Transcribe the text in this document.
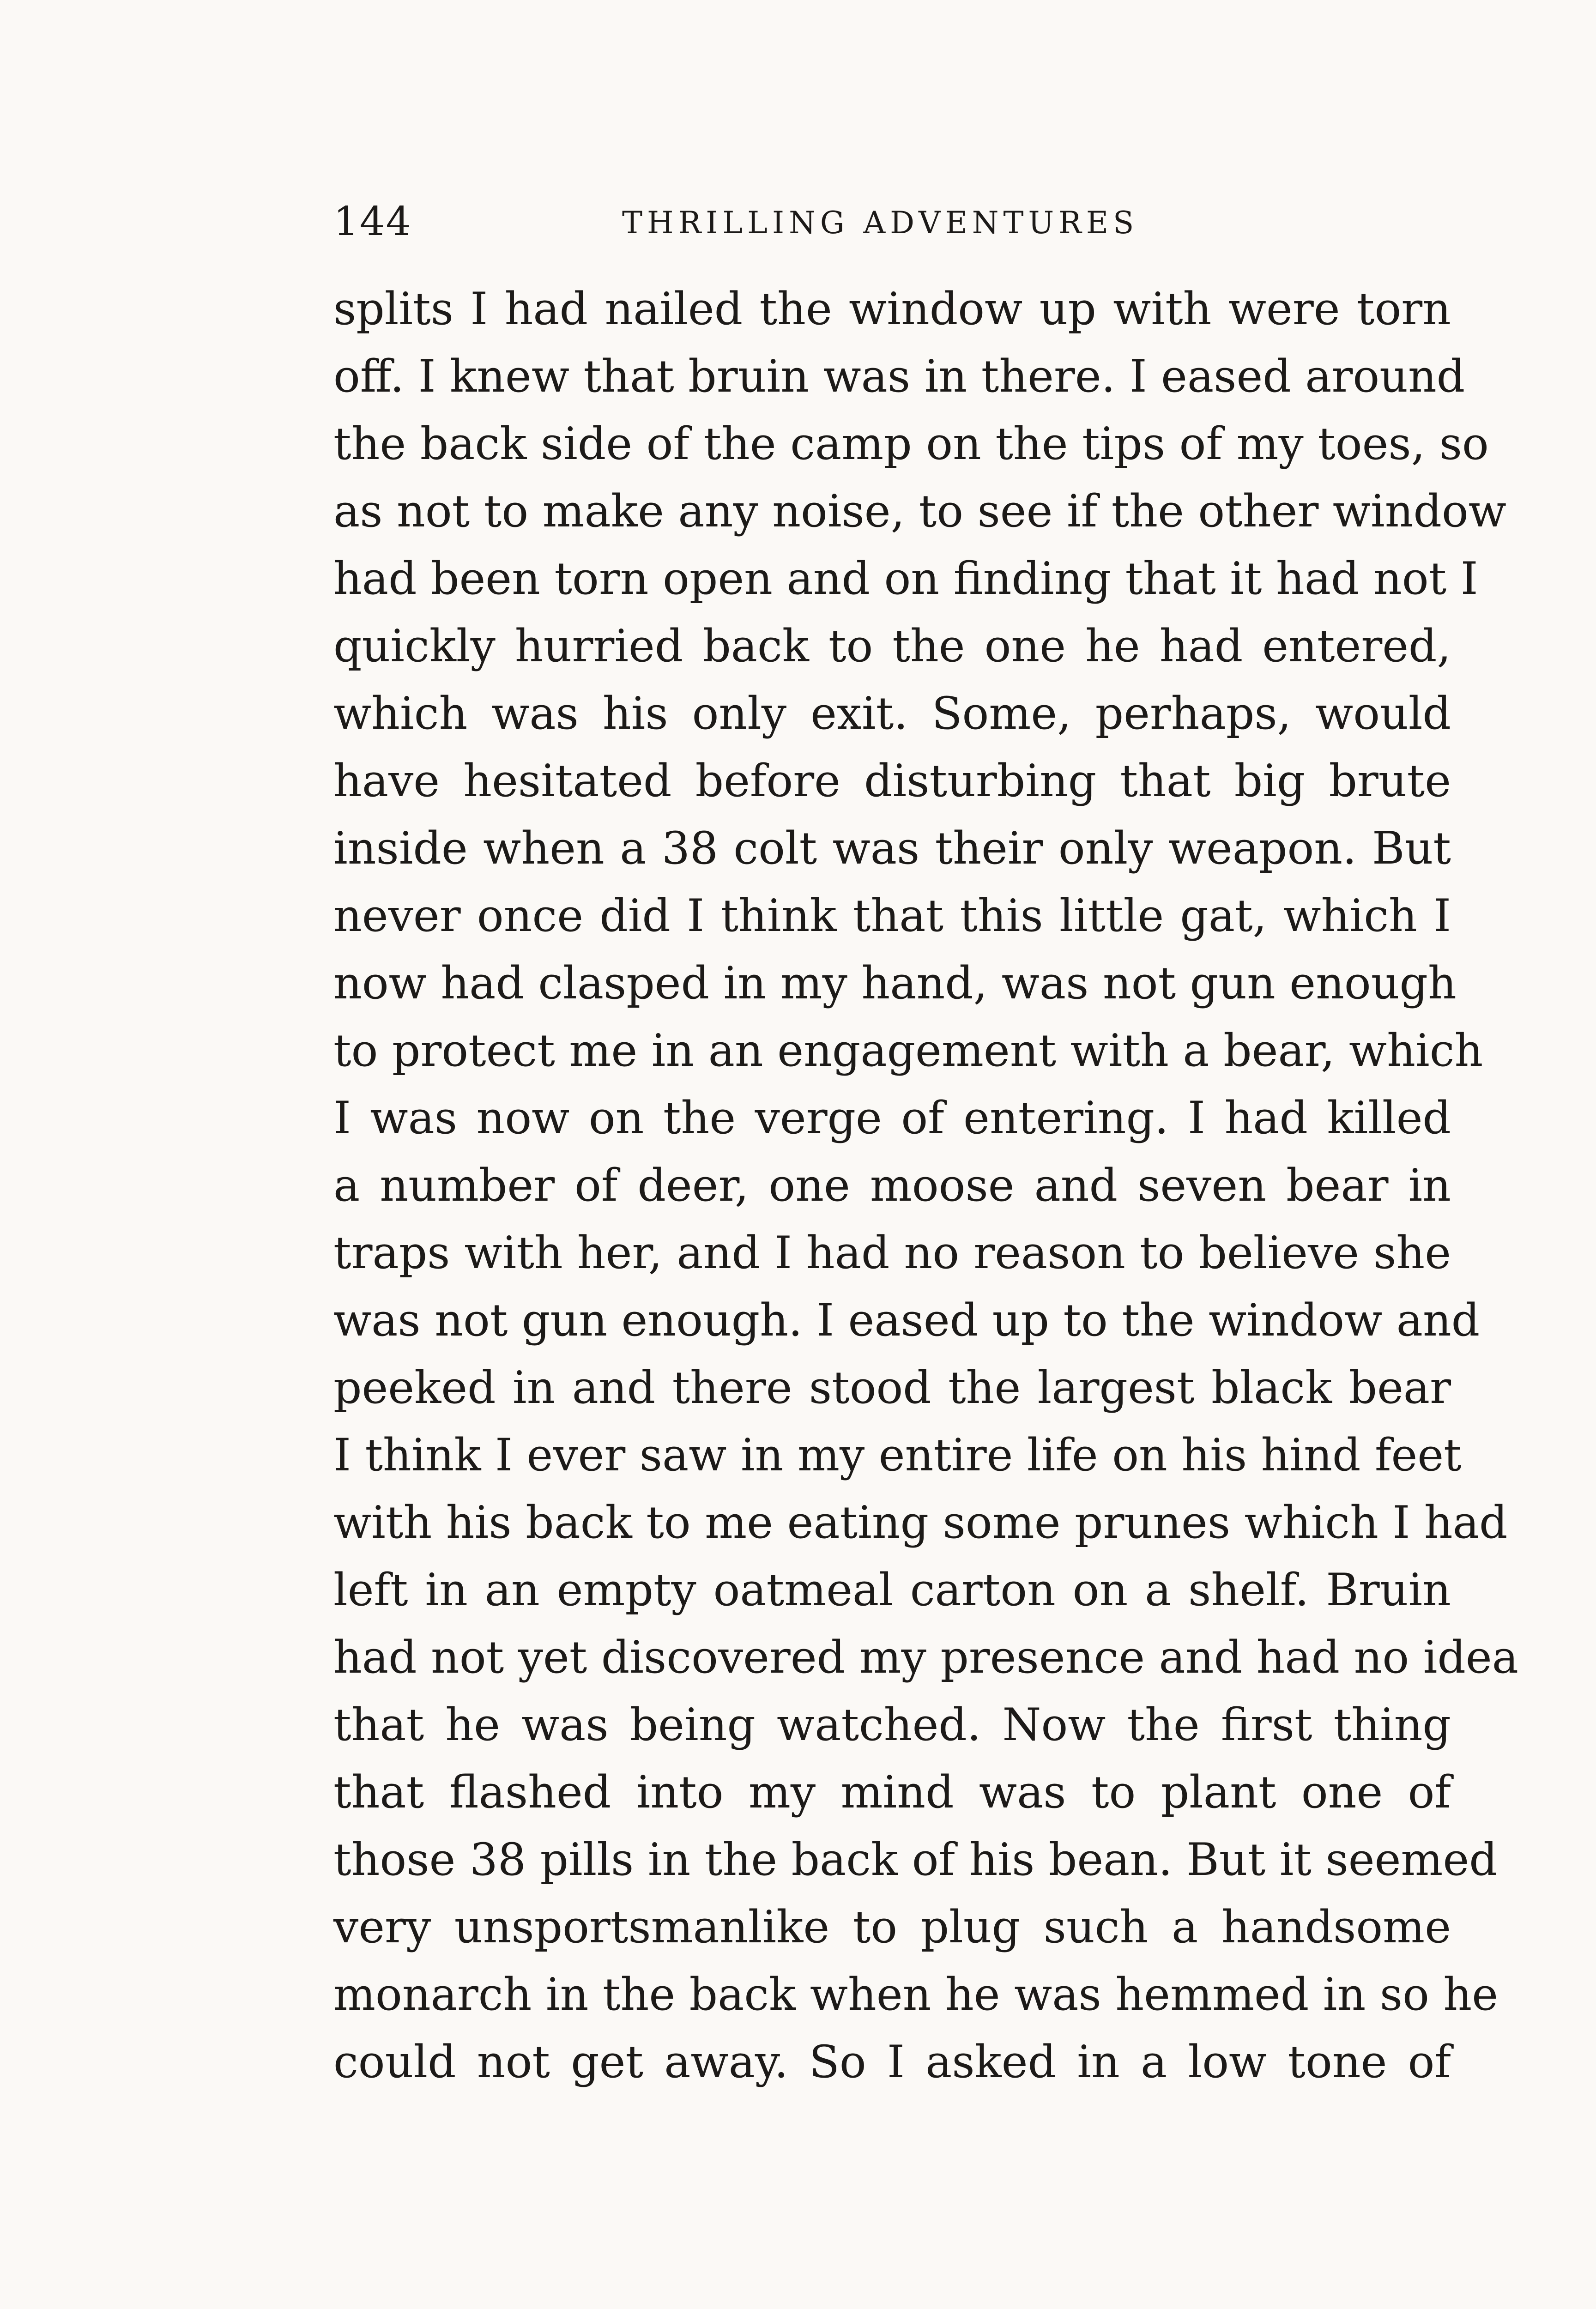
144	THRILLING ADVENTURES
splits I had nailed the window up with were torn
off. I knew that bruin was in there. I eased around
the back side of the camp on the tips of my toes, so
as not to make any noise, to see if the other window
had been torn open and on finding that it had not I
quickly hurried back to the one he had entered,
which was his only exit. Some, perhaps, would
have hesitated before disturbing that big brute
inside when a 38 colt was their only weapon. But
never once did I think that this little gat, which I
now had clasped in my hand, was not gun enough
to protect me in an engagement with a bear, which
I was now on the verge of entering. I had killed
a number of deer, one moose and seven bear in
traps with her, and I had no reason to believe she
was not gun enough. I eased up to the window and
peeked in and there stood the largest black bear
I think I ever saw in my entire life on his hind feet
with his back to me eating some prunes which I had
left in an empty oatmeal carton on a shelf. Bruin
had not yet discovered my presence and had no idea
that he was being watched. Now the first thing
that flashed into my mind was to plant one of
those 38 pills in the back of his bean. But it seemed
very unsportsmanlike to plug such a handsome
monarch in the back when he was hemmed in so he
could not get away. So I asked in a low tone of
